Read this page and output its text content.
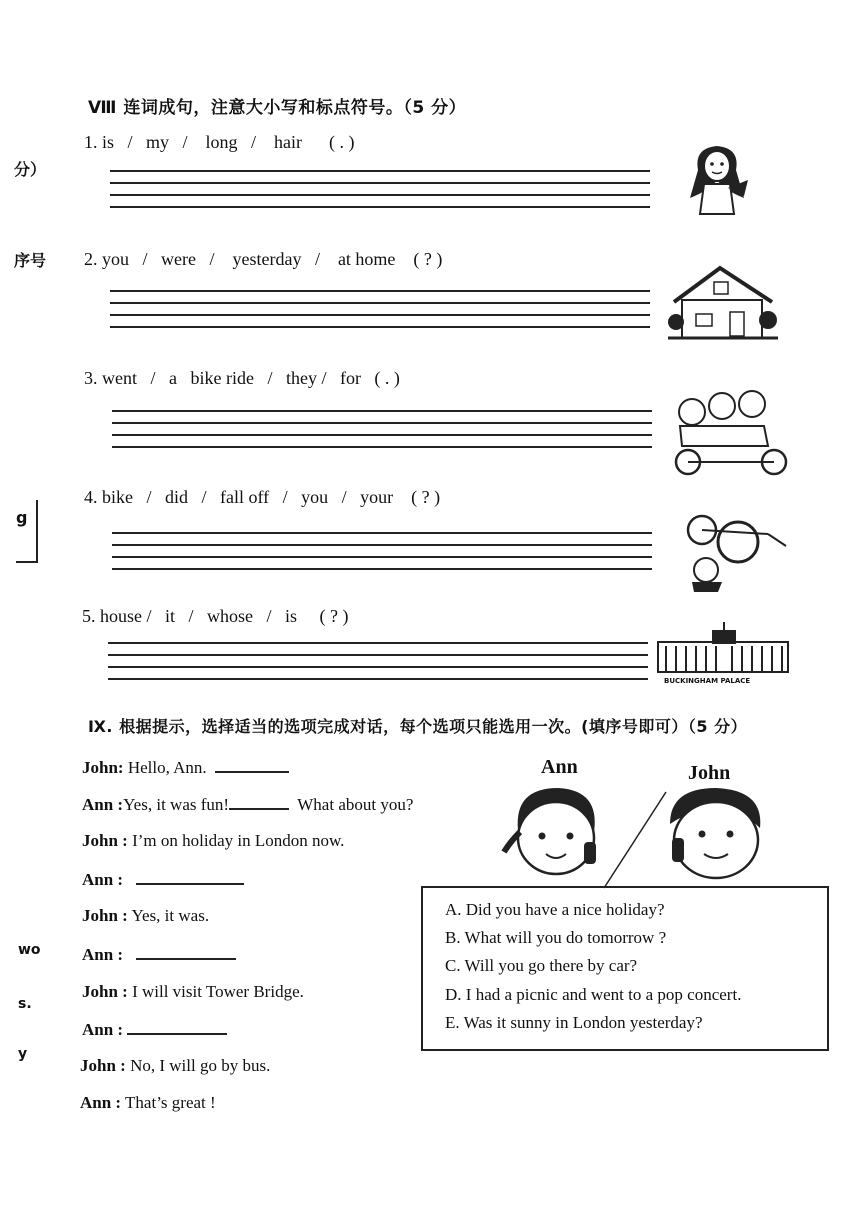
分）
序号
g
wo
s.
y
Ⅷ 连词成句，注意大小写和标点符号。（5 分）
1. is   /   my   /    long   /    hair      ( . )
2. you   /   were   /    yesterday   /    at home    ( ? )
3. went   /   a   bike ride   /   they /   for   ( . )
4. bike   /   did   /   fall off   /   you   /   your    ( ? )
5. house /   it   /   whose   /   is     ( ? )
BUCKINGHAM PALACE
Ⅸ. 根据提示，选择适当的选项完成对话，每个选项只能选用一次。(填序号即可）（5 分）
John: Hello, Ann.
Ann :Yes, it was fun!	What about you?
John : I’m on holiday in London now.
Ann :
John : Yes, it was.
Ann :
John : I will visit Tower Bridge.
Ann :
John : No, I will go by bus.
Ann : That’s great !
Ann	John
A. Did you have a nice holiday?
B. What will you do tomorrow ?
C. Will you go there by car?
D. I had a picnic and went to a pop concert.
E. Was it sunny in London yesterday?
